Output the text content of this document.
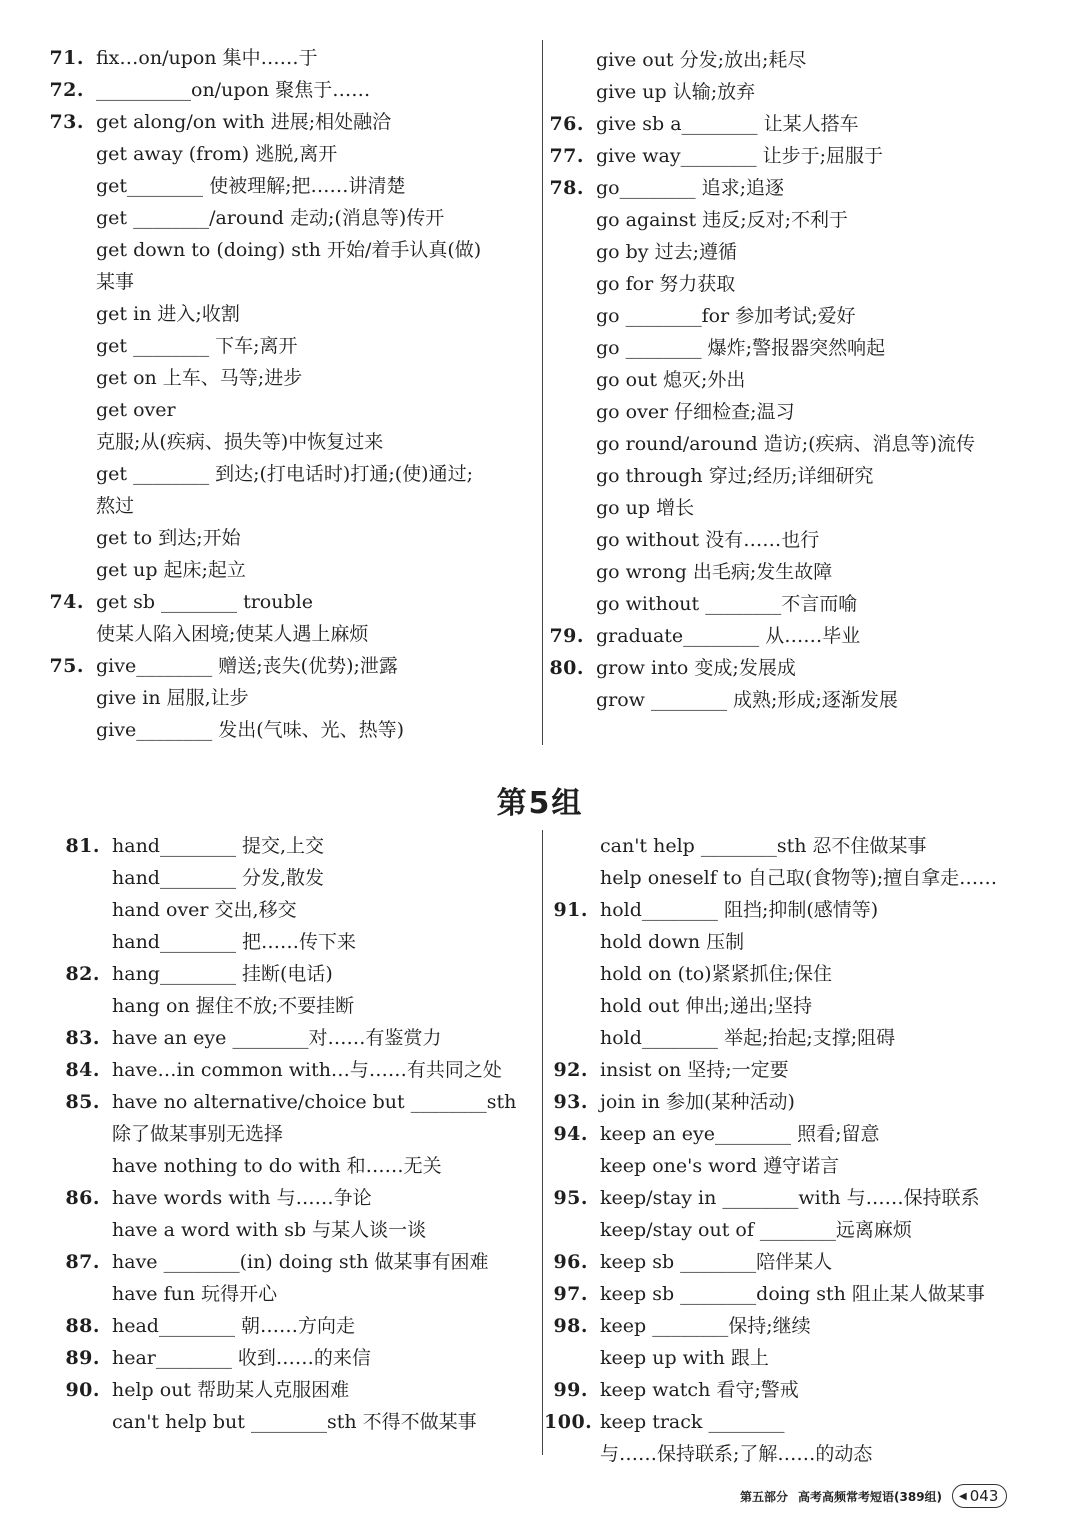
71. fix…on/upon 集中……于
72. __________on/upon 聚焦于……
73. get along/on with 进展;相处融洽
get away (from) 逃脱,离开
get________ 使被理解;把……讲清楚
get ________/around 走动;(消息等)传开
get down to (doing) sth 开始/着手认真(做)
某事
get in 进入;收割
get ________ 下车;离开
get on 上车、马等;进步
get over
克服;从(疾病、损失等)中恢复过来
get ________ 到达;(打电话时)打通;(使)通过;
熬过
get to 到达;开始
get up 起床;起立
74. get sb ________ trouble
使某人陷入困境;使某人遇上麻烦
75. give________ 赠送;丧失(优势);泄露
give in 屈服,让步
give________ 发出(气味、光、热等)
give out 分发;放出;耗尽
give up 认输;放弃
76. give sb a________ 让某人搭车
77. give way________ 让步于;屈服于
78. go________ 追求;追逐
go against 违反;反对;不利于
go by 过去;遵循
go for 努力获取
go ________for 参加考试;爱好
go ________ 爆炸;警报器突然响起
go out 熄灭;外出
go over 仔细检查;温习
go round/around 造访;(疾病、消息等)流传
go through 穿过;经历;详细研究
go up 增长
go without 没有……也行
go wrong 出毛病;发生故障
go without ________不言而喻
79. graduate________ 从……毕业
80. grow into 变成;发展成
grow ________ 成熟;形成;逐渐发展
第5组
81. hand________ 提交,上交
hand________ 分发,散发
hand over 交出,移交
hand________ 把……传下来
82. hang________ 挂断(电话)
hang on 握住不放;不要挂断
83. have an eye ________对……有鉴赏力
84. have…in common with…与……有共同之处
85. have no alternative/choice but ________sth
除了做某事别无选择
have nothing to do with 和……无关
86. have words with 与……争论
have a word with sb 与某人谈一谈
87. have ________(in) doing sth 做某事有困难
have fun 玩得开心
88. head________ 朝……方向走
89. hear________ 收到……的来信
90. help out 帮助某人克服困难
can't help but ________sth 不得不做某事
can't help ________sth 忍不住做某事
help oneself to 自己取(食物等);擅自拿走……
91. hold________ 阻挡;抑制(感情等)
hold down 压制
hold on (to)紧紧抓住;保住
hold out 伸出;递出;坚持
hold________ 举起;抬起;支撑;阻碍
92. insist on 坚持;一定要
93. join in 参加(某种活动)
94. keep an eye________ 照看;留意
keep one's word 遵守诺言
95. keep/stay in ________with 与……保持联系
keep/stay out of ________远离麻烦
96. keep sb ________陪伴某人
97. keep sb ________doing sth 阻止某人做某事
98. keep ________保持;继续
keep up with 跟上
99. keep watch 看守;警戒
100. keep track ________
与……保持联系;了解……的动态
第五部分 高考高频常考短语(389组) ◀ 043
